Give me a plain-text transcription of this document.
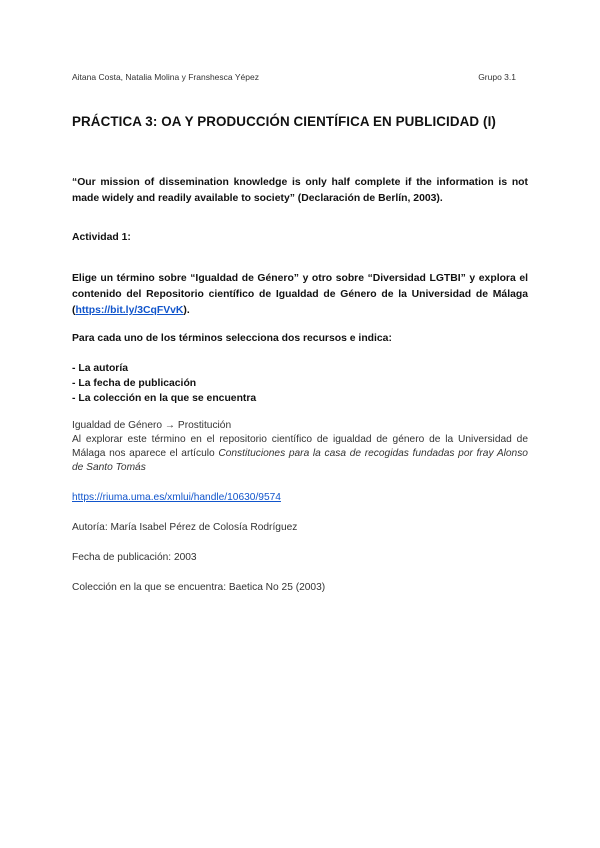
Aitana Costa, Natalia Molina y Franshesca Yépez	Grupo 3.1
PRÁCTICA 3: OA Y PRODUCCIÓN CIENTÍFICA EN PUBLICIDAD (I)
“Our mission of dissemination knowledge is only half complete if the information is not made widely and readily available to society” (Declaración de Berlín, 2003).
Actividad 1:
Elige un término sobre “Igualdad de Género” y otro sobre “Diversidad LGTBI” y explora el contenido del Repositorio científico de Igualdad de Género de la Universidad de Málaga (https://bit.ly/3CqFVvK).
Para cada uno de los términos selecciona dos recursos e indica:
- La autoría
- La fecha de publicación
- La colección en la que se encuentra
Igualdad de Género → Prostitución
Al explorar este término en el repositorio científico de igualdad de género de la Universidad de Málaga nos aparece el artículo Constituciones para la casa de recogidas fundadas por fray Alonso de Santo Tomás
https://riuma.uma.es/xmlui/handle/10630/9574
Autoría: María Isabel Pérez de Colosía Rodríguez
Fecha de publicación: 2003
Colección en la que se encuentra: Baetica No 25 (2003)
